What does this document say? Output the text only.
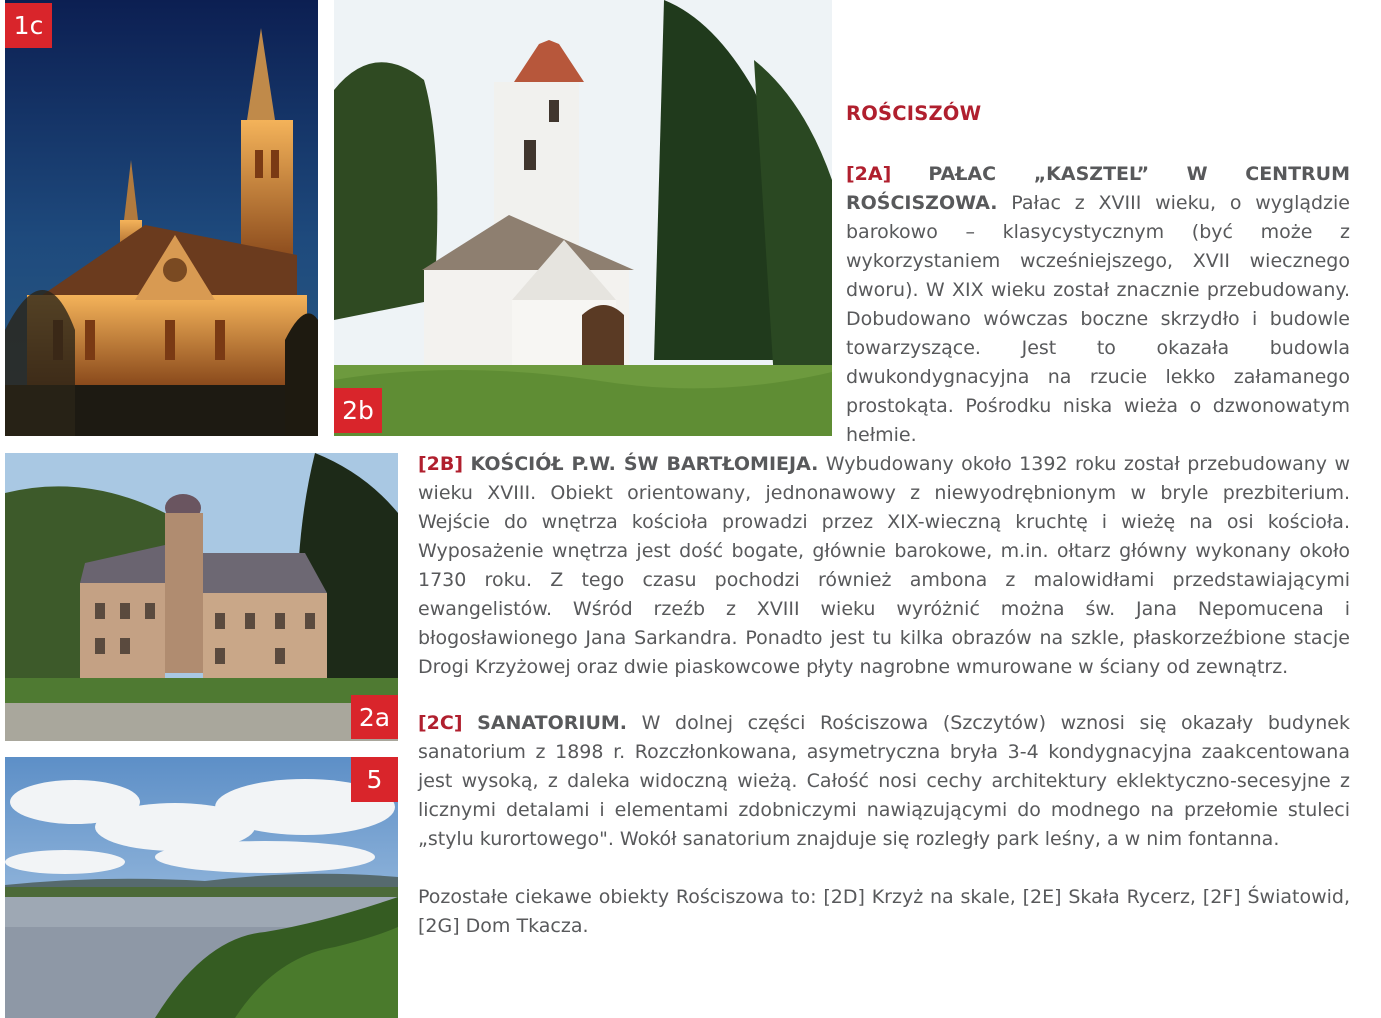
1c
2b
2a
5
ROŚCISZÓW

[2A] PAŁAC „KASZTEL” W CENTRUM ROŚCISZOWA. Pałac z XVIII wieku, o wyglądzie barokowo – klasycystycznym (być może z wykorzystaniem wcześniejszego, XVII wiecznego dworu). W XIX wieku został znacznie przebudowany. Dobudowano wówczas boczne skrzydło i budowle towarzyszące. Jest to okazała budowla dwukondygnacyjna na rzucie lekko załamanego prostokąta. Pośrodku niska wieża o dzwonowatym hełmie.

[2B] KOŚCIÓŁ P.W. ŚW BARTŁOMIEJA. Wybudowany około 1392 roku został przebudowany w wieku XVIII. Obiekt orientowany, jednonawowy z niewyodrębnionym w bryle prezbiterium. Wejście do wnętrza kościoła prowadzi przez XIX-wieczną kruchtę i wieżę na osi kościoła. Wyposażenie wnętrza jest dość bogate, głównie barokowe, m.in. ołtarz główny wykonany około 1730 roku. Z tego czasu pochodzi również ambona z malowidłami przedstawiającymi ewangelistów. Wśród rzeźb z XVIII wieku wyróżnić można św. Jana Nepomucena i błogosławionego Jana Sarkandra. Ponadto jest tu kilka obrazów na szkle, płaskorzeźbione stacje Drogi Krzyżowej oraz dwie piaskowcowe płyty nagrobne wmurowane w ściany od zewnątrz.

[2C] SANATORIUM. W dolnej części Rościszowa (Szczytów) wznosi się okazały budynek sanatorium z 1898 r. Rozczłonkowana, asymetryczna bryła 3-4 kondygnacyjna zaakcentowana jest wysoką, z daleka widoczną wieżą. Całość nosi cechy architektury eklektyczno-secesyjne z licznymi detalami i elementami zdobniczymi nawiązującymi do modnego na przełomie stuleci „stylu kurortowego". Wokół sanatorium znajduje się rozległy park leśny, a w nim fontanna.

Pozostałe ciekawe obiekty Rościszowa to: [2D] Krzyż na skale, [2E] Skała Rycerz, [2F] Światowid, [2G] Dom Tkacza.
